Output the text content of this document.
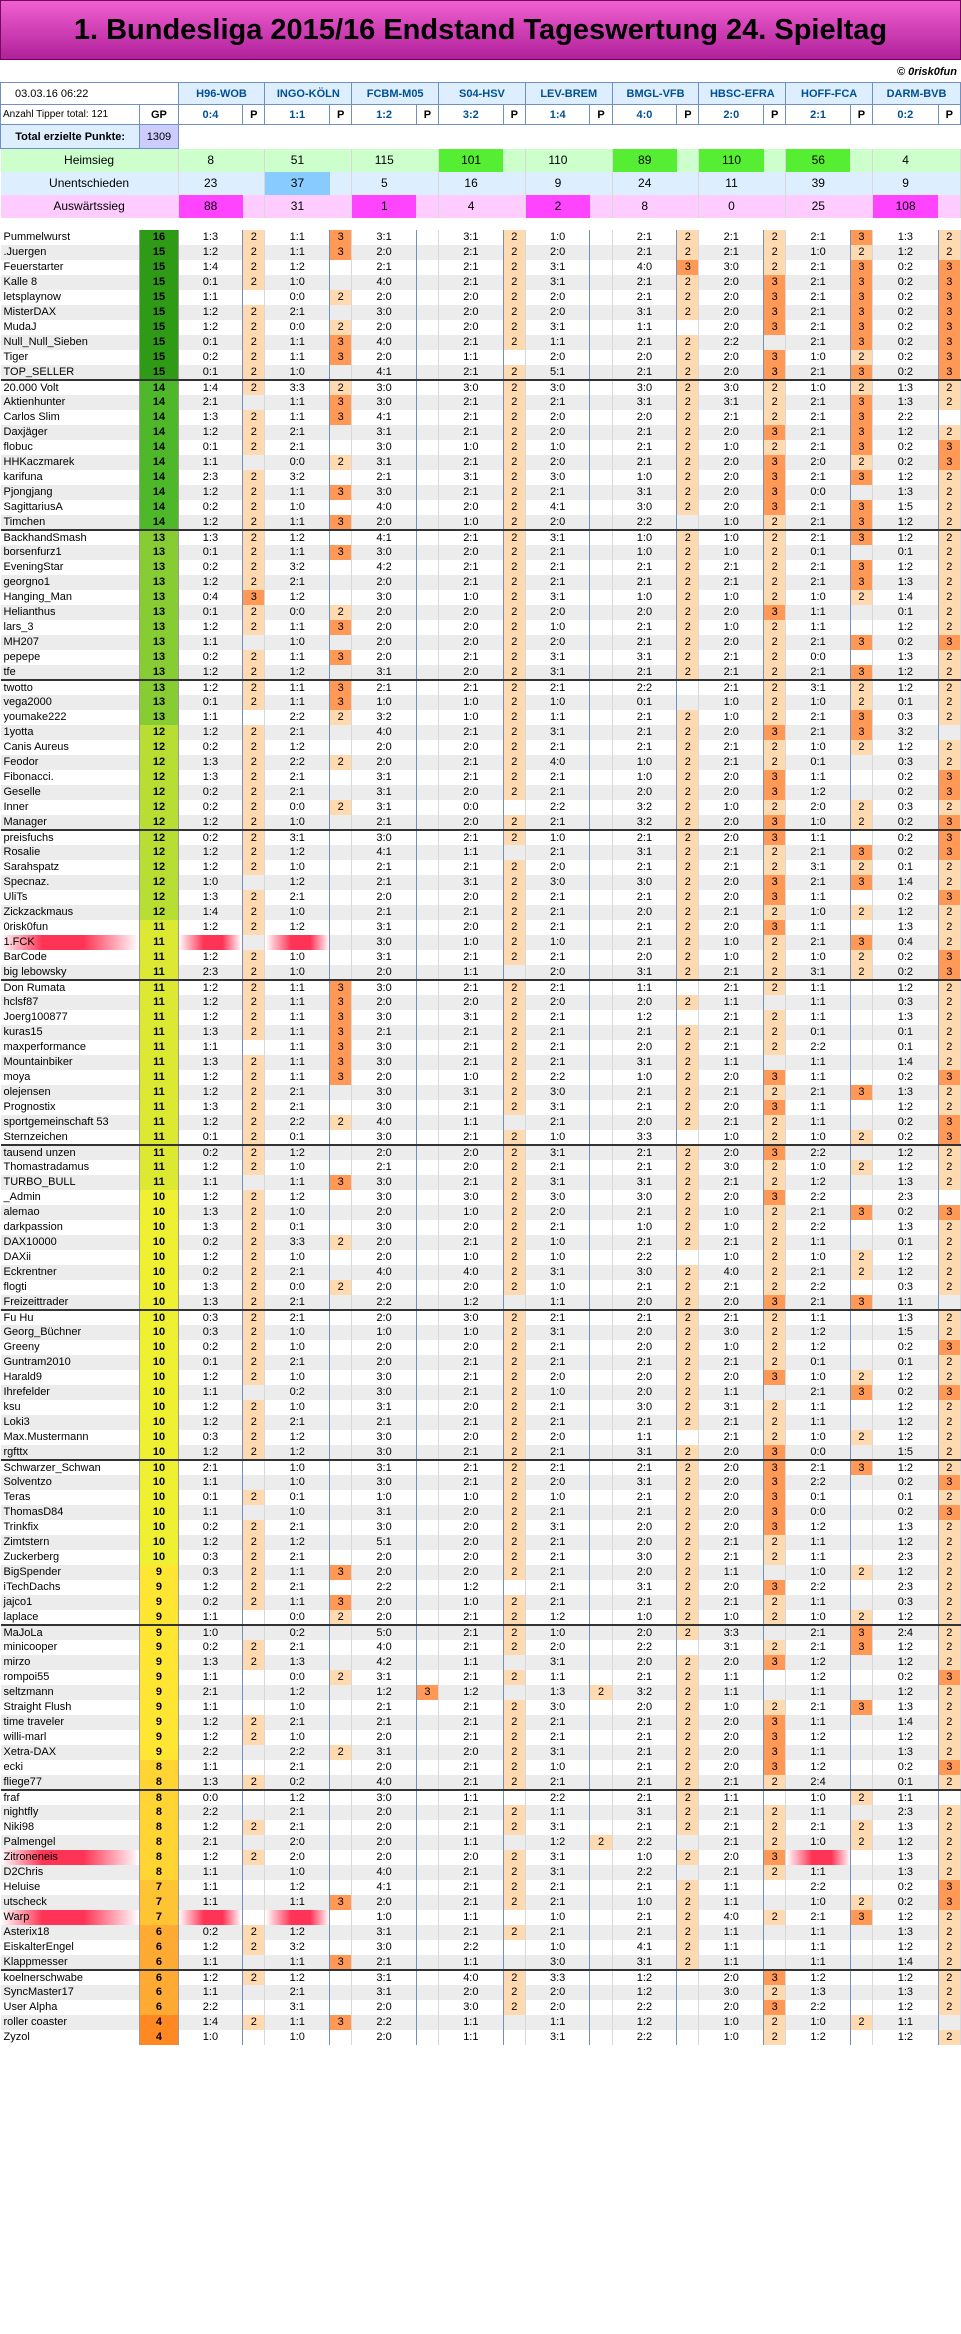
1. Bundesliga 2015/16 Endstand Tageswertung 24. Spieltag
© 0risk0fun
03.03.16 06:22		H96-WOB		INGO-KÖLN		FCBM-M05		S04-HSV		LEV-BREM		BMGL-VFB		HBSC-EFRA		HOFF-FCA		DARM-BVB	
Anzahl Tipper total: 121	GP	0:4	P	1:1	P	1:2	P	3:2	P	1:4	P	4:0	P	2:0	P	2:1	P	0:2	P
Total erzielte Punkte:	1309																		
Heimsieg		8		51		115		101		110		89		110		56		4	
Unentschieden		23		37		5		16		9		24		11		39		9	
Auswärtssieg		88		31		1		4		2		8		0		25		108	

Pummelwurst	16	1:3	2	1:1	3	3:1		3:1	2	1:0		2:1	2	2:1	2	2:1	3	1:3	2
.Juergen	15	1:2	2	1:1	3	2:0		2:1	2	2:0		2:1	2	2:1	2	1:0	2	1:2	2
Feuerstarter	15	1:4	2	1:2		2:1		2:1	2	3:1		4:0	3	3:0	2	2:1	3	0:2	3
Kalle 8	15	0:1	2	1:0		4:0		2:1	2	3:1		2:1	2	2:0	3	2:1	3	0:2	3
letsplaynow	15	1:1		0:0	2	2:0		2:0	2	2:0		2:1	2	2:0	3	2:1	3	0:2	3
MisterDAX	15	1:2	2	2:1		3:0		2:0	2	2:0		3:1	2	2:0	3	2:1	3	0:2	3
MudaJ	15	1:2	2	0:0	2	2:0		2:0	2	3:1		1:1		2:0	3	2:1	3	0:2	3
Null_Null_Sieben	15	0:1	2	1:1	3	4:0		2:1	2	1:1		2:1	2	2:2		2:1	3	0:2	3
Tiger	15	0:2	2	1:1	3	2:0		1:1		2:0		2:0	2	2:0	3	1:0	2	0:2	3
TOP_SELLER	15	0:1	2	1:0		4:1		2:1	2	5:1		2:1	2	2:0	3	2:1	3	0:2	3
20.000 Volt	14	1:4	2	3:3	2	3:0		3:0	2	3:0		3:0	2	3:0	2	1:0	2	1:3	2
Aktienhunter	14	2:1		1:1	3	3:0		2:1	2	2:1		3:1	2	3:1	2	2:1	3	1:3	2
Carlos Slim	14	1:3	2	1:1	3	4:1		2:1	2	2:0		2:0	2	2:1	2	2:1	3	2:2	
Daxjäger	14	1:2	2	2:1		3:1		2:1	2	2:0		2:1	2	2:0	3	2:1	3	1:2	2
flobuc	14	0:1	2	2:1		3:0		1:0	2	1:0		2:1	2	1:0	2	2:1	3	0:2	3
HHKaczmarek	14	1:1		0:0	2	3:1		2:1	2	2:0		2:1	2	2:0	3	2:0	2	0:2	3
karifuna	14	2:3	2	3:2		2:1		3:1	2	3:0		1:0	2	2:0	3	2:1	3	1:2	2
Pjongjang	14	1:2	2	1:1	3	3:0		2:1	2	2:1		3:1	2	2:0	3	0:0		1:3	2
SagittariusA	14	0:2	2	1:0		4:0		2:0	2	4:1		3:0	2	2:0	3	2:1	3	1:5	2
Timchen	14	1:2	2	1:1	3	2:0		1:0	2	2:0		2:2		1:0	2	2:1	3	1:2	2
BackhandSmash	13	1:3	2	1:2		4:1		2:1	2	3:1		1:0	2	1:0	2	2:1	3	1:2	2
borsenfurz1	13	0:1	2	1:1	3	3:0		2:0	2	2:1		1:0	2	1:0	2	0:1		0:1	2
EveningStar	13	0:2	2	3:2		4:2		2:1	2	2:1		2:1	2	2:1	2	2:1	3	1:2	2
georgno1	13	1:2	2	2:1		2:0		2:1	2	2:1		2:1	2	2:1	2	2:1	3	1:3	2
Hanging_Man	13	0:4	3	1:2		3:0		1:0	2	3:1		1:0	2	1:0	2	1:0	2	1:4	2
Helianthus	13	0:1	2	0:0	2	2:0		2:0	2	2:0		2:0	2	2:0	3	1:1		0:1	2
lars_3	13	1:2	2	1:1	3	2:0		2:0	2	1:0		2:1	2	1:0	2	1:1		1:2	2
MH207	13	1:1		1:0		2:0		2:0	2	2:0		2:1	2	2:0	2	2:1	3	0:2	3
pepepe	13	0:2	2	1:1	3	2:0		2:1	2	3:1		3:1	2	2:1	2	0:0		1:3	2
tfe	13	1:2	2	1:2		3:1		2:0	2	3:1		2:1	2	2:1	2	2:1	3	1:2	2
twotto	13	1:2	2	1:1	3	2:1		2:1	2	2:1		2:2		2:1	2	3:1	2	1:2	2
vega2000	13	0:1	2	1:1	3	1:0		1:0	2	1:0		0:1		1:0	2	1:0	2	0:1	2
youmake222	13	1:1		2:2	2	3:2		1:0	2	1:1		2:1	2	1:0	2	2:1	3	0:3	2
1yotta	12	1:2	2	2:1		4:0		2:1	2	3:1		2:1	2	2:0	3	2:1	3	3:2	
Canis Aureus	12	0:2	2	1:2		2:0		2:0	2	2:1		2:1	2	2:1	2	1:0	2	1:2	2
Feodor	12	1:3	2	2:2	2	2:0		2:1	2	4:0		1:0	2	2:1	2	0:1		0:3	2
Fibonacci.	12	1:3	2	2:1		3:1		2:1	2	2:1		1:0	2	2:0	3	1:1		0:2	3
Geselle	12	0:2	2	2:1		3:1		2:0	2	2:1		2:0	2	2:0	3	1:2		0:2	3
Inner	12	0:2	2	0:0	2	3:1		0:0		2:2		3:2	2	1:0	2	2:0	2	0:3	2
Manager	12	1:2	2	1:0		2:1		2:0	2	2:1		3:2	2	2:0	3	1:0	2	0:2	3
preisfuchs	12	0:2	2	3:1		3:0		2:1	2	1:0		2:1	2	2:0	3	1:1		0:2	3
Rosalie	12	1:2	2	1:2		4:1		1:1		2:1		3:1	2	2:1	2	2:1	3	0:2	3
Sarahspatz	12	1:2	2	1:0		2:1		2:1	2	2:0		2:1	2	2:1	2	3:1	2	0:1	2
Specnaz.	12	1:0		1:2		2:1		3:1	2	3:0		3:0	2	2:0	3	2:1	3	1:4	2
UliTs	12	1:3	2	2:1		2:0		2:0	2	2:1		2:1	2	2:0	3	1:1		0:2	3
Zickzackmaus	12	1:4	2	1:0		2:1		2:1	2	2:1		2:0	2	2:1	2	1:0	2	1:2	2
0risk0fun	11	1:2	2	1:2		3:1		2:0	2	2:1		2:1	2	2:0	3	1:1		1:3	2
1.FCK	11					3:0		1:0	2	1:0		2:1	2	1:0	2	2:1	3	0:4	2
BarCode	11	1:2	2	1:0		3:1		2:1	2	2:1		2:0	2	1:0	2	1:0	2	0:2	3
big lebowsky	11	2:3	2	1:0		2:0		1:1		2:0		3:1	2	2:1	2	3:1	2	0:2	3
Don Rumata	11	1:2	2	1:1	3	3:0		2:1	2	2:1		1:1		2:1	2	1:1		1:2	2
hclsf87	11	1:2	2	1:1	3	2:0		2:0	2	2:0		2:0	2	1:1		1:1		0:3	2
Joerg100877	11	1:2	2	1:1	3	3:0		3:1	2	2:1		1:2		2:1	2	1:1		1:3	2
kuras15	11	1:3	2	1:1	3	2:1		2:1	2	2:1		2:1	2	2:1	2	0:1		0:1	2
maxperformance	11	1:1		1:1	3	3:0		2:1	2	2:1		2:0	2	2:1	2	2:2		0:1	2
Mountainbiker	11	1:3	2	1:1	3	3:0		2:1	2	2:1		3:1	2	1:1		1:1		1:4	2
moya	11	1:2	2	1:1	3	2:0		1:0	2	2:2		1:0	2	2:0	3	1:1		0:2	3
olejensen	11	1:2	2	2:1		3:0		3:1	2	3:0		2:1	2	2:1	2	2:1	3	1:3	2
Prognostix	11	1:3	2	2:1		3:0		2:1	2	3:1		2:1	2	2:0	3	1:1		1:2	2
sportgemeinschaft 53	11	1:2	2	2:2	2	4:0		1:1		2:1		2:0	2	2:1	2	1:1		0:2	3
Sternzeichen	11	0:1	2	0:1		3:0		2:1	2	1:0		3:3		1:0	2	1:0	2	0:2	3
tausend unzen	11	0:2	2	1:2		2:0		2:0	2	3:1		2:1	2	2:0	3	2:2		1:2	2
Thomastradamus	11	1:2	2	1:0		2:1		2:0	2	2:1		2:1	2	3:0	2	1:0	2	1:2	2
TURBO_BULL	11	1:1		1:1	3	3:0		2:1	2	3:1		3:1	2	2:1	2	1:2		1:3	2
_Admin	10	1:2	2	1:2		3:0		3:0	2	3:0		3:0	2	2:0	3	2:2		2:3	
alemao	10	1:3	2	1:0		2:0		1:0	2	2:0		2:1	2	1:0	2	2:1	3	0:2	3
darkpassion	10	1:3	2	0:1		3:0		2:0	2	2:1		1:0	2	1:0	2	2:2		1:3	2
DAX10000	10	0:2	2	3:3	2	2:0		2:1	2	1:0		2:1	2	2:1	2	1:1		0:1	2
DAXii	10	1:2	2	1:0		2:0		1:0	2	1:0		2:2		1:0	2	1:0	2	1:2	2
Eckrentner	10	0:2	2	2:1		4:0		4:0	2	3:1		3:0	2	4:0	2	2:1	2	1:2	2
flogti	10	1:3	2	0:0	2	2:0		2:0	2	1:0		2:1	2	2:1	2	2:2		0:3	2
Freizeittrader	10	1:3	2	2:1		2:2		1:2		1:1		2:0	2	2:0	3	2:1	3	1:1	
Fu Hu	10	0:3	2	2:1		2:0		3:0	2	2:1		2:1	2	2:1	2	1:1		1:3	2
Georg_Büchner	10	0:3	2	1:0		1:0		1:0	2	3:1		2:0	2	3:0	2	1:2		1:5	2
Greeny	10	0:2	2	1:0		2:0		2:0	2	2:1		2:0	2	1:0	2	1:2		0:2	3
Guntram2010	10	0:1	2	2:1		2:0		2:1	2	2:1		2:1	2	2:1	2	0:1		0:1	2
Harald9	10	1:2	2	1:0		3:0		2:1	2	2:0		2:0	2	2:0	3	1:0	2	1:2	2
Ihrefelder	10	1:1		0:2		3:0		2:1	2	1:0		2:0	2	1:1		2:1	3	0:2	3
ksu	10	1:2	2	1:0		3:1		2:0	2	2:1		3:0	2	3:1	2	1:1		1:2	2
Loki3	10	1:2	2	2:1		2:1		2:1	2	2:1		2:1	2	2:1	2	1:1		1:2	2
Max.Mustermann	10	0:3	2	1:2		3:0		2:0	2	2:0		1:1		2:1	2	1:0	2	1:2	2
rgfttx	10	1:2	2	1:2		3:0		2:1	2	2:1		3:1	2	2:0	3	0:0		1:5	2
Schwarzer_Schwan	10	2:1		1:0		3:1		2:1	2	2:1		2:1	2	2:0	3	2:1	3	1:2	2
Solventzo	10	1:1		1:0		3:0		2:1	2	2:0		3:1	2	2:0	3	2:2		0:2	3
Teras	10	0:1	2	0:1		1:0		1:0	2	1:0		2:1	2	2:0	3	0:1		0:1	2
ThomasD84	10	1:1		1:0		3:1		2:0	2	2:1		2:1	2	2:0	3	0:0		0:2	3
Trinkfix	10	0:2	2	2:1		3:0		2:0	2	3:1		2:0	2	2:0	3	1:2		1:3	2
Zimtstern	10	1:2	2	1:2		5:1		2:0	2	2:1		2:0	2	2:1	2	1:1		1:2	2
Zuckerberg	10	0:3	2	2:1		2:0		2:0	2	2:1		3:0	2	2:1	2	1:1		2:3	2
BigSpender	9	0:3	2	1:1	3	2:0		2:0	2	2:1		2:0	2	1:1		1:0	2	1:2	2
iTechDachs	9	1:2	2	2:1		2:2		1:2		2:1		3:1	2	2:0	3	2:2		2:3	2
jajco1	9	0:2	2	1:1	3	2:0		1:0	2	2:1		2:1	2	2:1	2	1:1		0:3	2
laplace	9	1:1		0:0	2	2:0		2:1	2	1:2		1:0	2	1:0	2	1:0	2	1:2	2
MaJoLa	9	1:0		0:2		5:0		2:1	2	1:0		2:0	2	3:3		2:1	3	2:4	2
minicooper	9	0:2	2	2:1		4:0		2:1	2	2:0		2:2		3:1	2	2:1	3	1:2	2
mirzo	9	1:3	2	1:3		4:2		1:1		3:1		2:0	2	2:0	3	1:2		1:2	2
rompoi55	9	1:1		0:0	2	3:1		2:1	2	1:1		2:1	2	1:1		1:2		0:2	3
seltzmann	9	2:1		1:2		1:2	3	1:2		1:3	2	3:2	2	1:1		1:1		1:2	2
Straight Flush	9	1:1		1:0		2:1		2:1	2	3:0		2:0	2	1:0	2	2:1	3	1:3	2
time traveler	9	1:2	2	2:1		2:1		2:1	2	2:1		2:1	2	2:0	3	1:1		1:4	2
willi-marl	9	1:2	2	1:0		2:0		2:1	2	2:1		2:1	2	2:0	3	1:2		1:2	2
Xetra-DAX	9	2:2		2:2	2	3:1		2:0	2	3:1		2:1	2	2:0	3	1:1		1:3	2
ecki	8	1:1		2:1		2:0		2:1	2	1:0		2:1	2	2:0	3	1:2		0:2	3
fliege77	8	1:3	2	0:2		4:0		2:1	2	2:1		2:1	2	2:1	2	2:4		0:1	2
fraf	8	0:0		1:2		3:0		1:1		2:2		2:1	2	1:1		1:0	2	1:1	
nightfly	8	2:2		2:1		2:0		2:1	2	1:1		3:1	2	2:1	2	1:1		2:3	2
Niki98	8	1:2	2	2:1		2:0		2:1	2	3:1		2:1	2	2:1	2	2:1	2	1:3	2
Palmengel	8	2:1		2:0		2:0		1:1		1:2	2	2:2		2:1	2	1:0	2	1:2	2
Zitroneneis	8	1:2	2	2:0		2:0		2:0	2	3:1		1:0	2	2:0	3			1:3	2
D2Chris	8	1:1		1:0		4:0		2:1	2	3:1		2:2		2:1	2	1:1		1:3	2
Heluise	7	1:1		1:2		4:1		2:1	2	2:1		2:1	2	1:1		2:2		0:2	3
utscheck	7	1:1		1:1	3	2:0		2:1	2	2:1		1:0	2	1:1		1:0	2	0:2	3
Warp	7					1:0		1:1		1:0		2:1	2	4:0	2	2:1	3	1:2	2
Asterix18	6	0:2	2	1:2		3:1		2:1	2	2:1		2:1	2	1:1		1:1		1:3	2
EiskalterEngel	6	1:2	2	3:2		3:0		2:2		1:0		4:1	2	1:1		1:1		1:2	2
Klappmesser	6	1:1		1:1	3	2:1		1:1		3:0		3:1	2	1:1		1:1		1:4	2
koelnerschwabe	6	1:2	2	1:2		3:1		4:0	2	3:3		1:2		2:0	3	1:2		1:2	2
SyncMaster17	6	1:1		2:1		3:1		2:0	2	2:0		1:2		3:0	2	1:3		1:3	2
User Alpha	6	2:2		3:1		2:0		3:0	2	2:0		2:2		2:0	3	2:2		1:2	2
roller coaster	4	1:4	2	1:1	3	2:2		1:1		1:1		1:2		1:0	2	1:0	2	1:1	
Zyzol	4	1:0		1:0		2:0		1:1		3:1		2:2		1:0	2	1:2		1:2	2
